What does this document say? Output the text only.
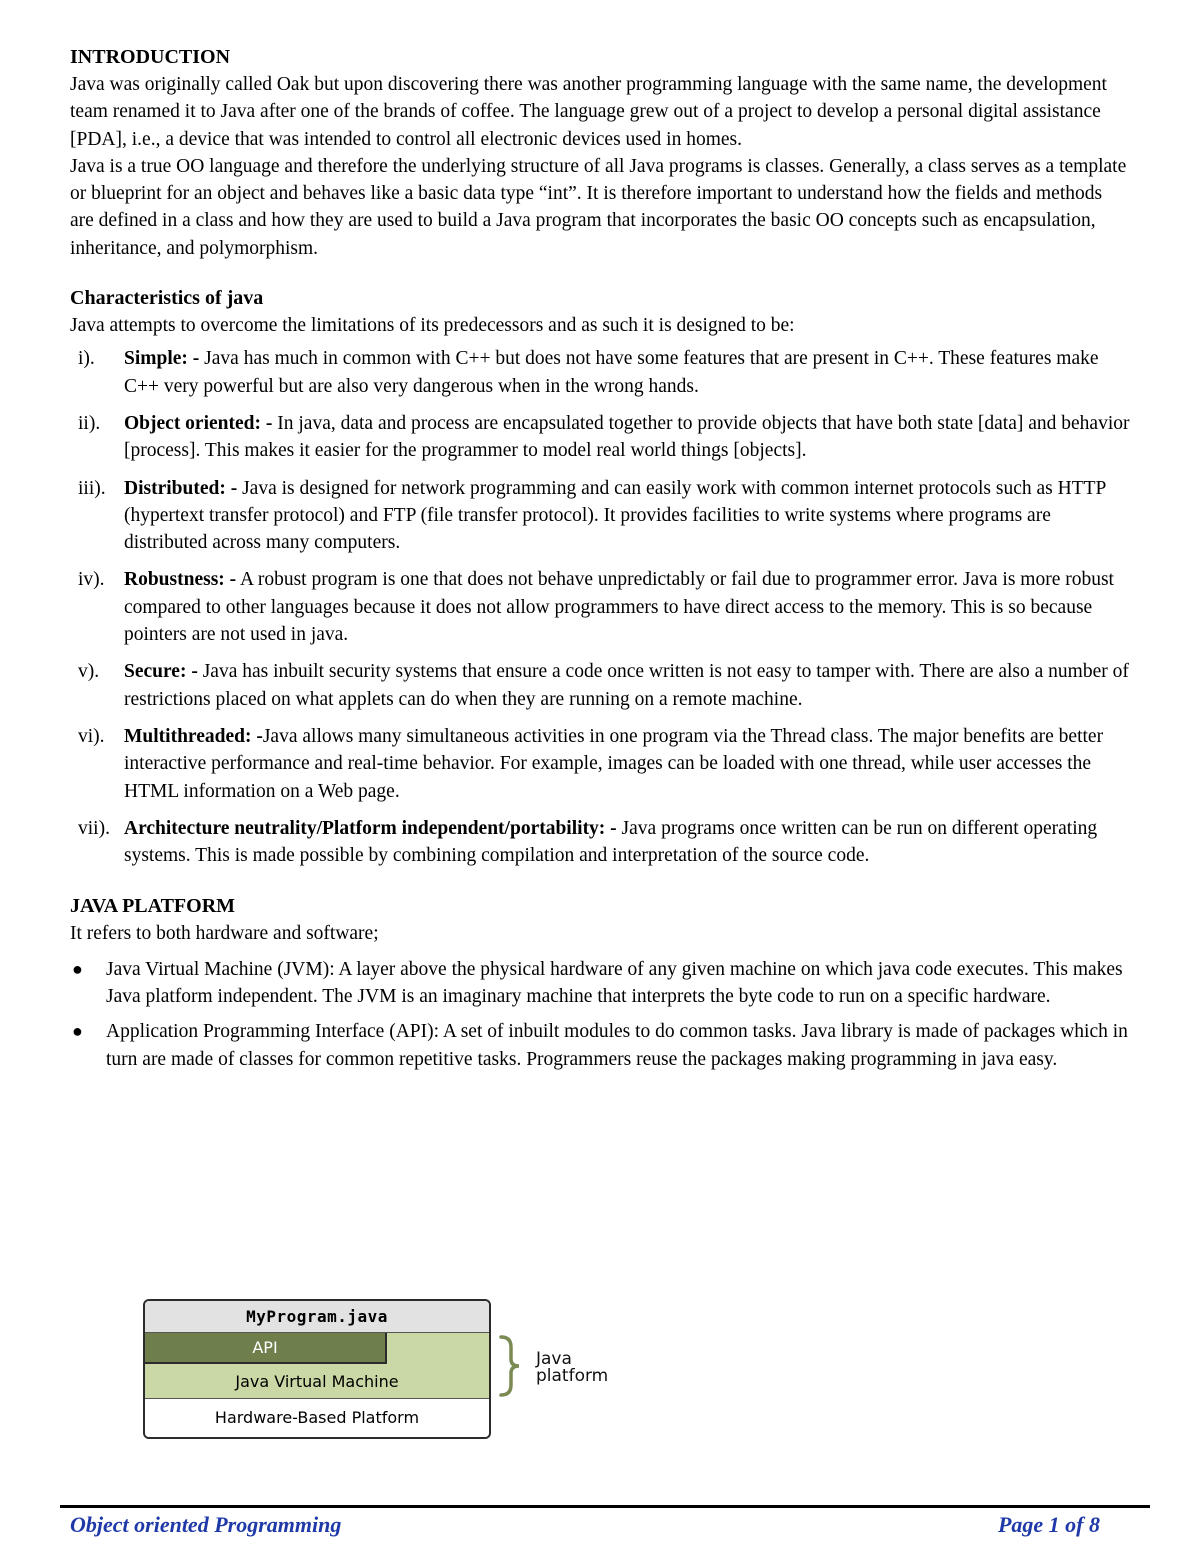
INTRODUCTION

Java was originally called Oak but upon discovering there was another programming language with the same name, the development team renamed it to Java after one of the brands of coffee. The language grew out of a project to develop a personal digital assistance [PDA], i.e., a device that was intended to control all electronic devices used in homes.

Java is a true OO language and therefore the underlying structure of all Java programs is classes. Generally, a class serves as a template or blueprint for an object and behaves like a basic data type “int”. It is therefore important to understand how the fields and methods are defined in a class and how they are used to build a Java program that incorporates the basic OO concepts such as encapsulation, inheritance, and polymorphism.

Characteristics of java

Java attempts to overcome the limitations of its predecessors and as such it is designed to be:

i). Simple: - Java has much in common with C++ but does not have some features that are present in C++. These features make C++ very powerful but are also very dangerous when in the wrong hands.
ii). Object oriented: - In java, data and process are encapsulated together to provide objects that have both state [data] and behavior [process]. This makes it easier for the programmer to model real world things [objects].
iii). Distributed: - Java is designed for network programming and can easily work with common internet protocols such as HTTP (hypertext transfer protocol) and FTP (file transfer protocol). It provides facilities to write systems where programs are distributed across many computers.
iv). Robustness: - A robust program is one that does not behave unpredictably or fail due to programmer error. Java is more robust compared to other languages because it does not allow programmers to have direct access to the memory. This is so because pointers are not used in java.
v). Secure: - Java has inbuilt security systems that ensure a code once written is not easy to tamper with. There are also a number of restrictions placed on what applets can do when they are running on a remote machine.
vi). Multithreaded: -Java allows many simultaneous activities in one program via the Thread class. The major benefits are better interactive performance and real-time behavior. For example, images can be loaded with one thread, while user accesses the HTML information on a Web page.
vii). Architecture neutrality/Platform independent/portability: - Java programs once written can be run on different operating systems. This is made possible by combining compilation and interpretation of the source code.
JAVA PLATFORM

It refers to both hardware and software;

● Java Virtual Machine (JVM): A layer above the physical hardware of any given machine on which java code executes. This makes Java platform independent. The JVM is an imaginary machine that interprets the byte code to run on a specific hardware.
● Application Programming Interface (API): A set of inbuilt modules to do common tasks. Java library is made of packages which in turn are made of classes for common repetitive tasks. Programmers reuse the packages making programming in java easy.
MyProgram.java
API
Java Virtual Machine
Hardware-Based Platform
Java
platform
Object oriented Programming	Page 1 of 8
